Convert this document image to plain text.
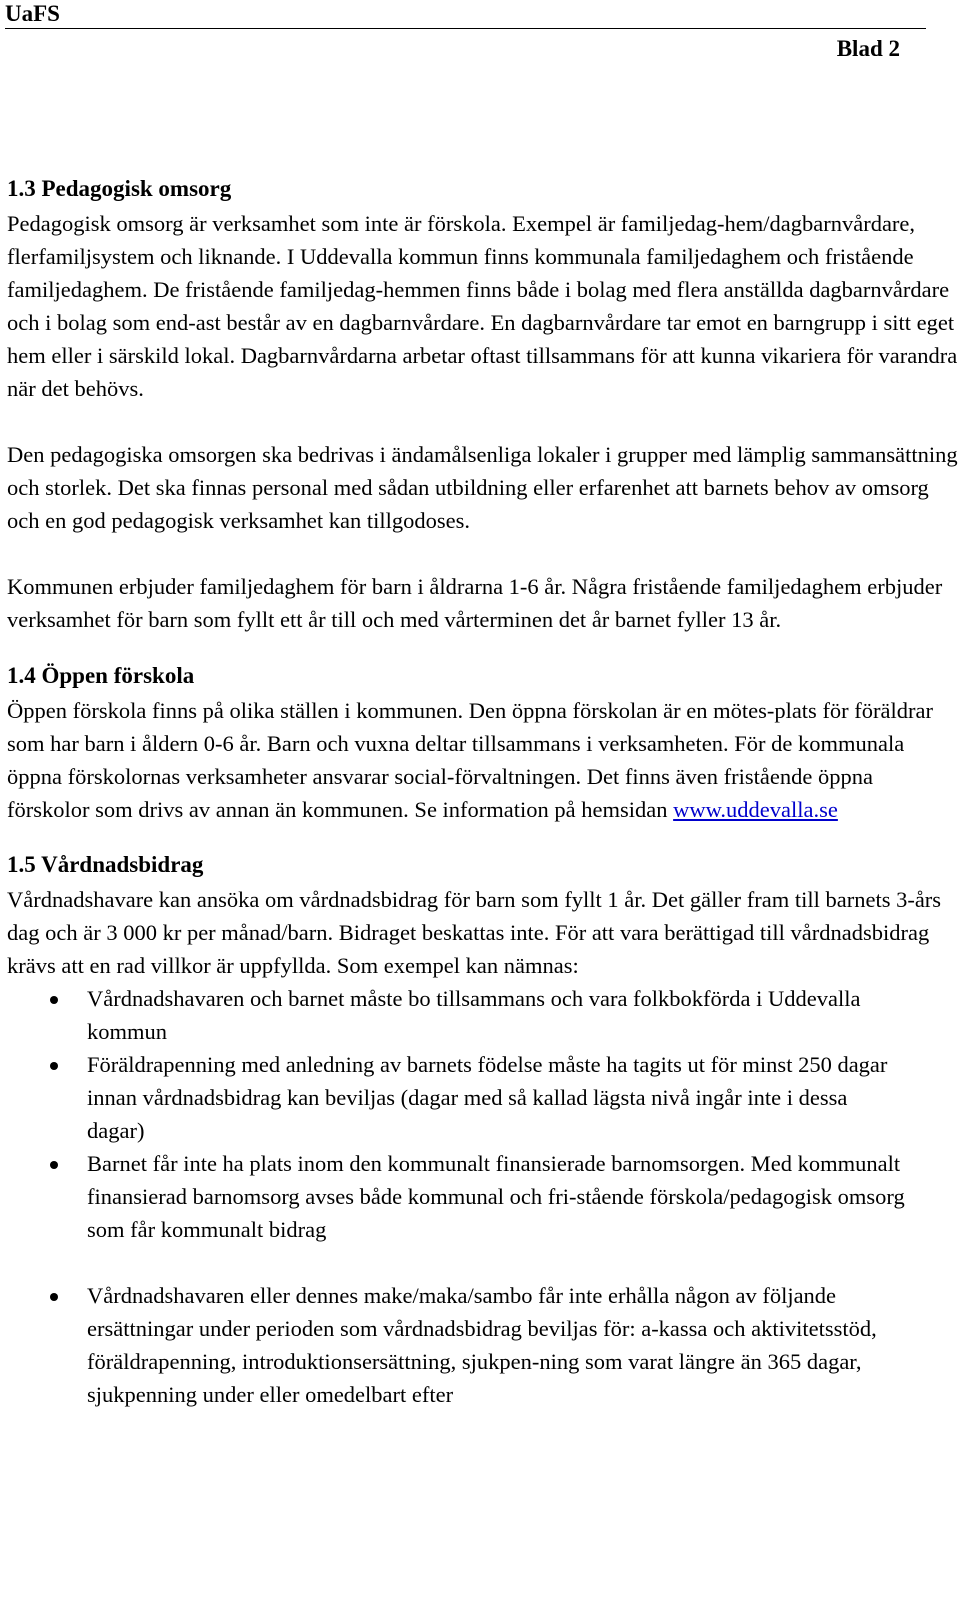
UaFS
Blad 2
1.3 Pedagogisk omsorg

Pedagogisk omsorg är verksamhet som inte är förskola. Exempel är familjedag-hem/dagbarnvårdare, flerfamiljsystem och liknande. I Uddevalla kommun finns kommunala familjedaghem och fristående familjedaghem. De fristående familjedag-hemmen finns både i bolag med flera anställda dagbarnvårdare och i bolag som end-ast består av en dagbarnvårdare. En dagbarnvårdare tar emot en barngrupp i sitt eget hem eller i särskild lokal. Dagbarnvårdarna arbetar oftast tillsammans för att kunna vikariera för varandra när det behövs.

Den pedagogiska omsorgen ska bedrivas i ändamålsenliga lokaler i grupper med lämplig sammansättning och storlek. Det ska finnas personal med sådan utbildning eller erfarenhet att barnets behov av omsorg och en god pedagogisk verksamhet kan tillgodoses.

Kommunen erbjuder familjedaghem för barn i åldrarna 1-6 år. Några fristående familjedaghem erbjuder verksamhet för barn som fyllt ett år till och med vårterminen det år barnet fyller 13 år.

1.4 Öppen förskola

Öppen förskola finns på olika ställen i kommunen. Den öppna förskolan är en mötes-plats för föräldrar som har barn i åldern 0-6 år. Barn och vuxna deltar tillsammans i verksamheten. För de kommunala öppna förskolornas verksamheter ansvarar social-förvaltningen. Det finns även fristående öppna förskolor som drivs av annan än kommunen. Se information på hemsidan www.uddevalla.se

1.5 Vårdnadsbidrag

Vårdnadshavare kan ansöka om vårdnadsbidrag för barn som fyllt 1 år. Det gäller fram till barnets 3-års dag och är 3 000 kr per månad/barn. Bidraget beskattas inte. För att vara berättigad till vårdnadsbidrag krävs att en rad villkor är uppfyllda. Som exempel kan nämnas:

Vårdnadshavaren och barnet måste bo tillsammans och vara folkbokförda i Uddevalla kommun
Föräldrapenning med anledning av barnets födelse måste ha tagits ut för minst 250 dagar innan vårdnadsbidrag kan beviljas (dagar med så kallad lägsta nivå ingår inte i dessa dagar)
Barnet får inte ha plats inom den kommunalt finansierade barnomsorgen. Med kommunalt finansierad barnomsorg avses både kommunal och fri-stående förskola/pedagogisk omsorg som får kommunalt bidrag
Vårdnadshavaren eller dennes make/maka/sambo får inte erhålla någon av följande ersättningar under perioden som vårdnadsbidrag beviljas för: a-kassa och aktivitetsstöd, föräldrapenning, introduktionsersättning, sjukpen-ning som varat längre än 365 dagar, sjukpenning under eller omedelbart efter
